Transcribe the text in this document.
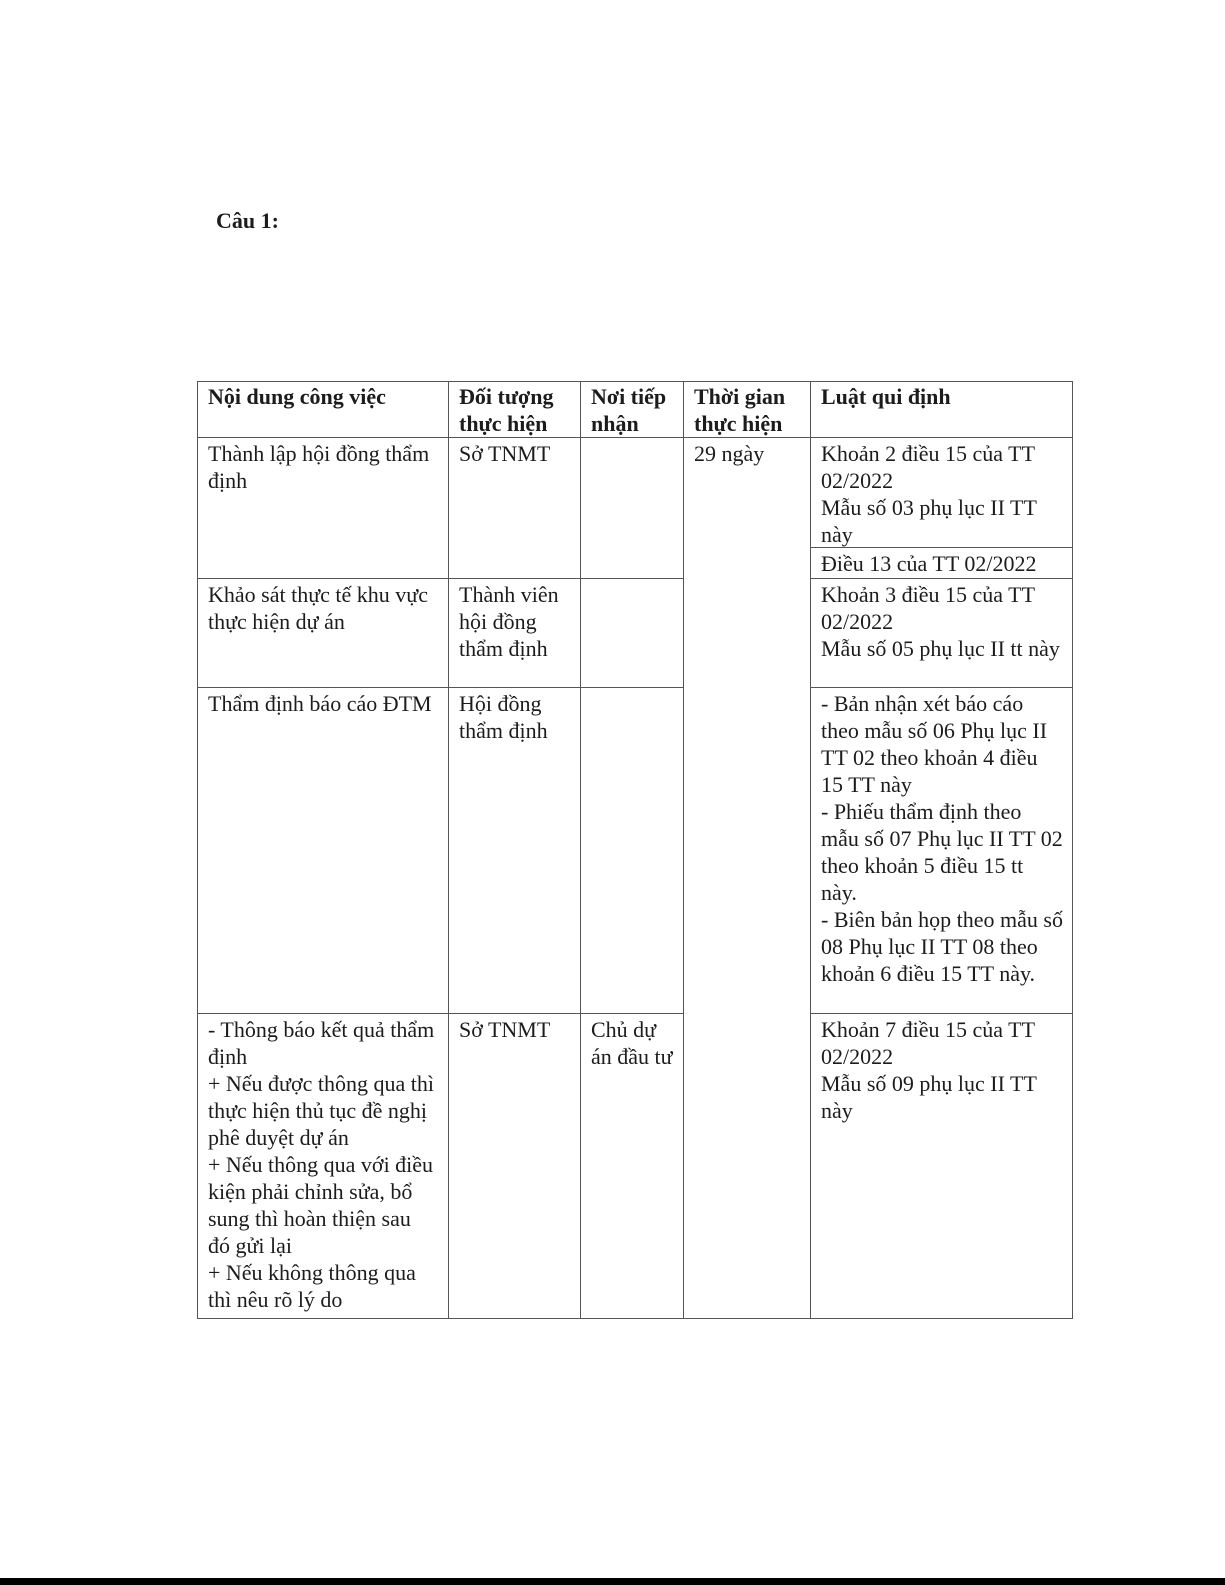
Câu 1:
Nội dung công việc	Đối tượng thực hiện	Nơi tiếp nhận	Thời gian thực hiện	Luật qui định

Thành lập hội đồng thẩm định	Sở TNMT		29 ngày	Khoản 2 điều 15 của TT 02/2022
Mẫu số 03 phụ lục II TT này
Điều 13 của TT 02/2022

Khảo sát thực tế khu vực thực hiện dự án	Thành viên hội đồng thẩm định			Khoản 3 điều 15 của TT 02/2022
Mẫu số 05 phụ lục II tt này

Thẩm định báo cáo ĐTM	Hội đồng thẩm định			- Bản nhận xét báo cáo theo mẫu số 06 Phụ lục II TT 02 theo khoản 4 điều 15 TT này
- Phiếu thẩm định theo mẫu số 07 Phụ lục II TT 02 theo khoản 5 điều 15 tt này.
- Biên bản họp theo mẫu số 08 Phụ lục II TT 08 theo khoản 6 điều 15 TT này.

- Thông báo kết quả thẩm định
+ Nếu được thông qua thì thực hiện thủ tục đề nghị phê duyệt dự án
+ Nếu thông qua với điều kiện phải chỉnh sửa, bổ sung thì hoàn thiện sau đó gửi lại
+ Nếu không thông qua thì nêu rõ lý do	Sở TNMT	Chủ dự án đầu tư		Khoản 7 điều 15 của TT 02/2022
Mẫu số 09 phụ lục II TT này
